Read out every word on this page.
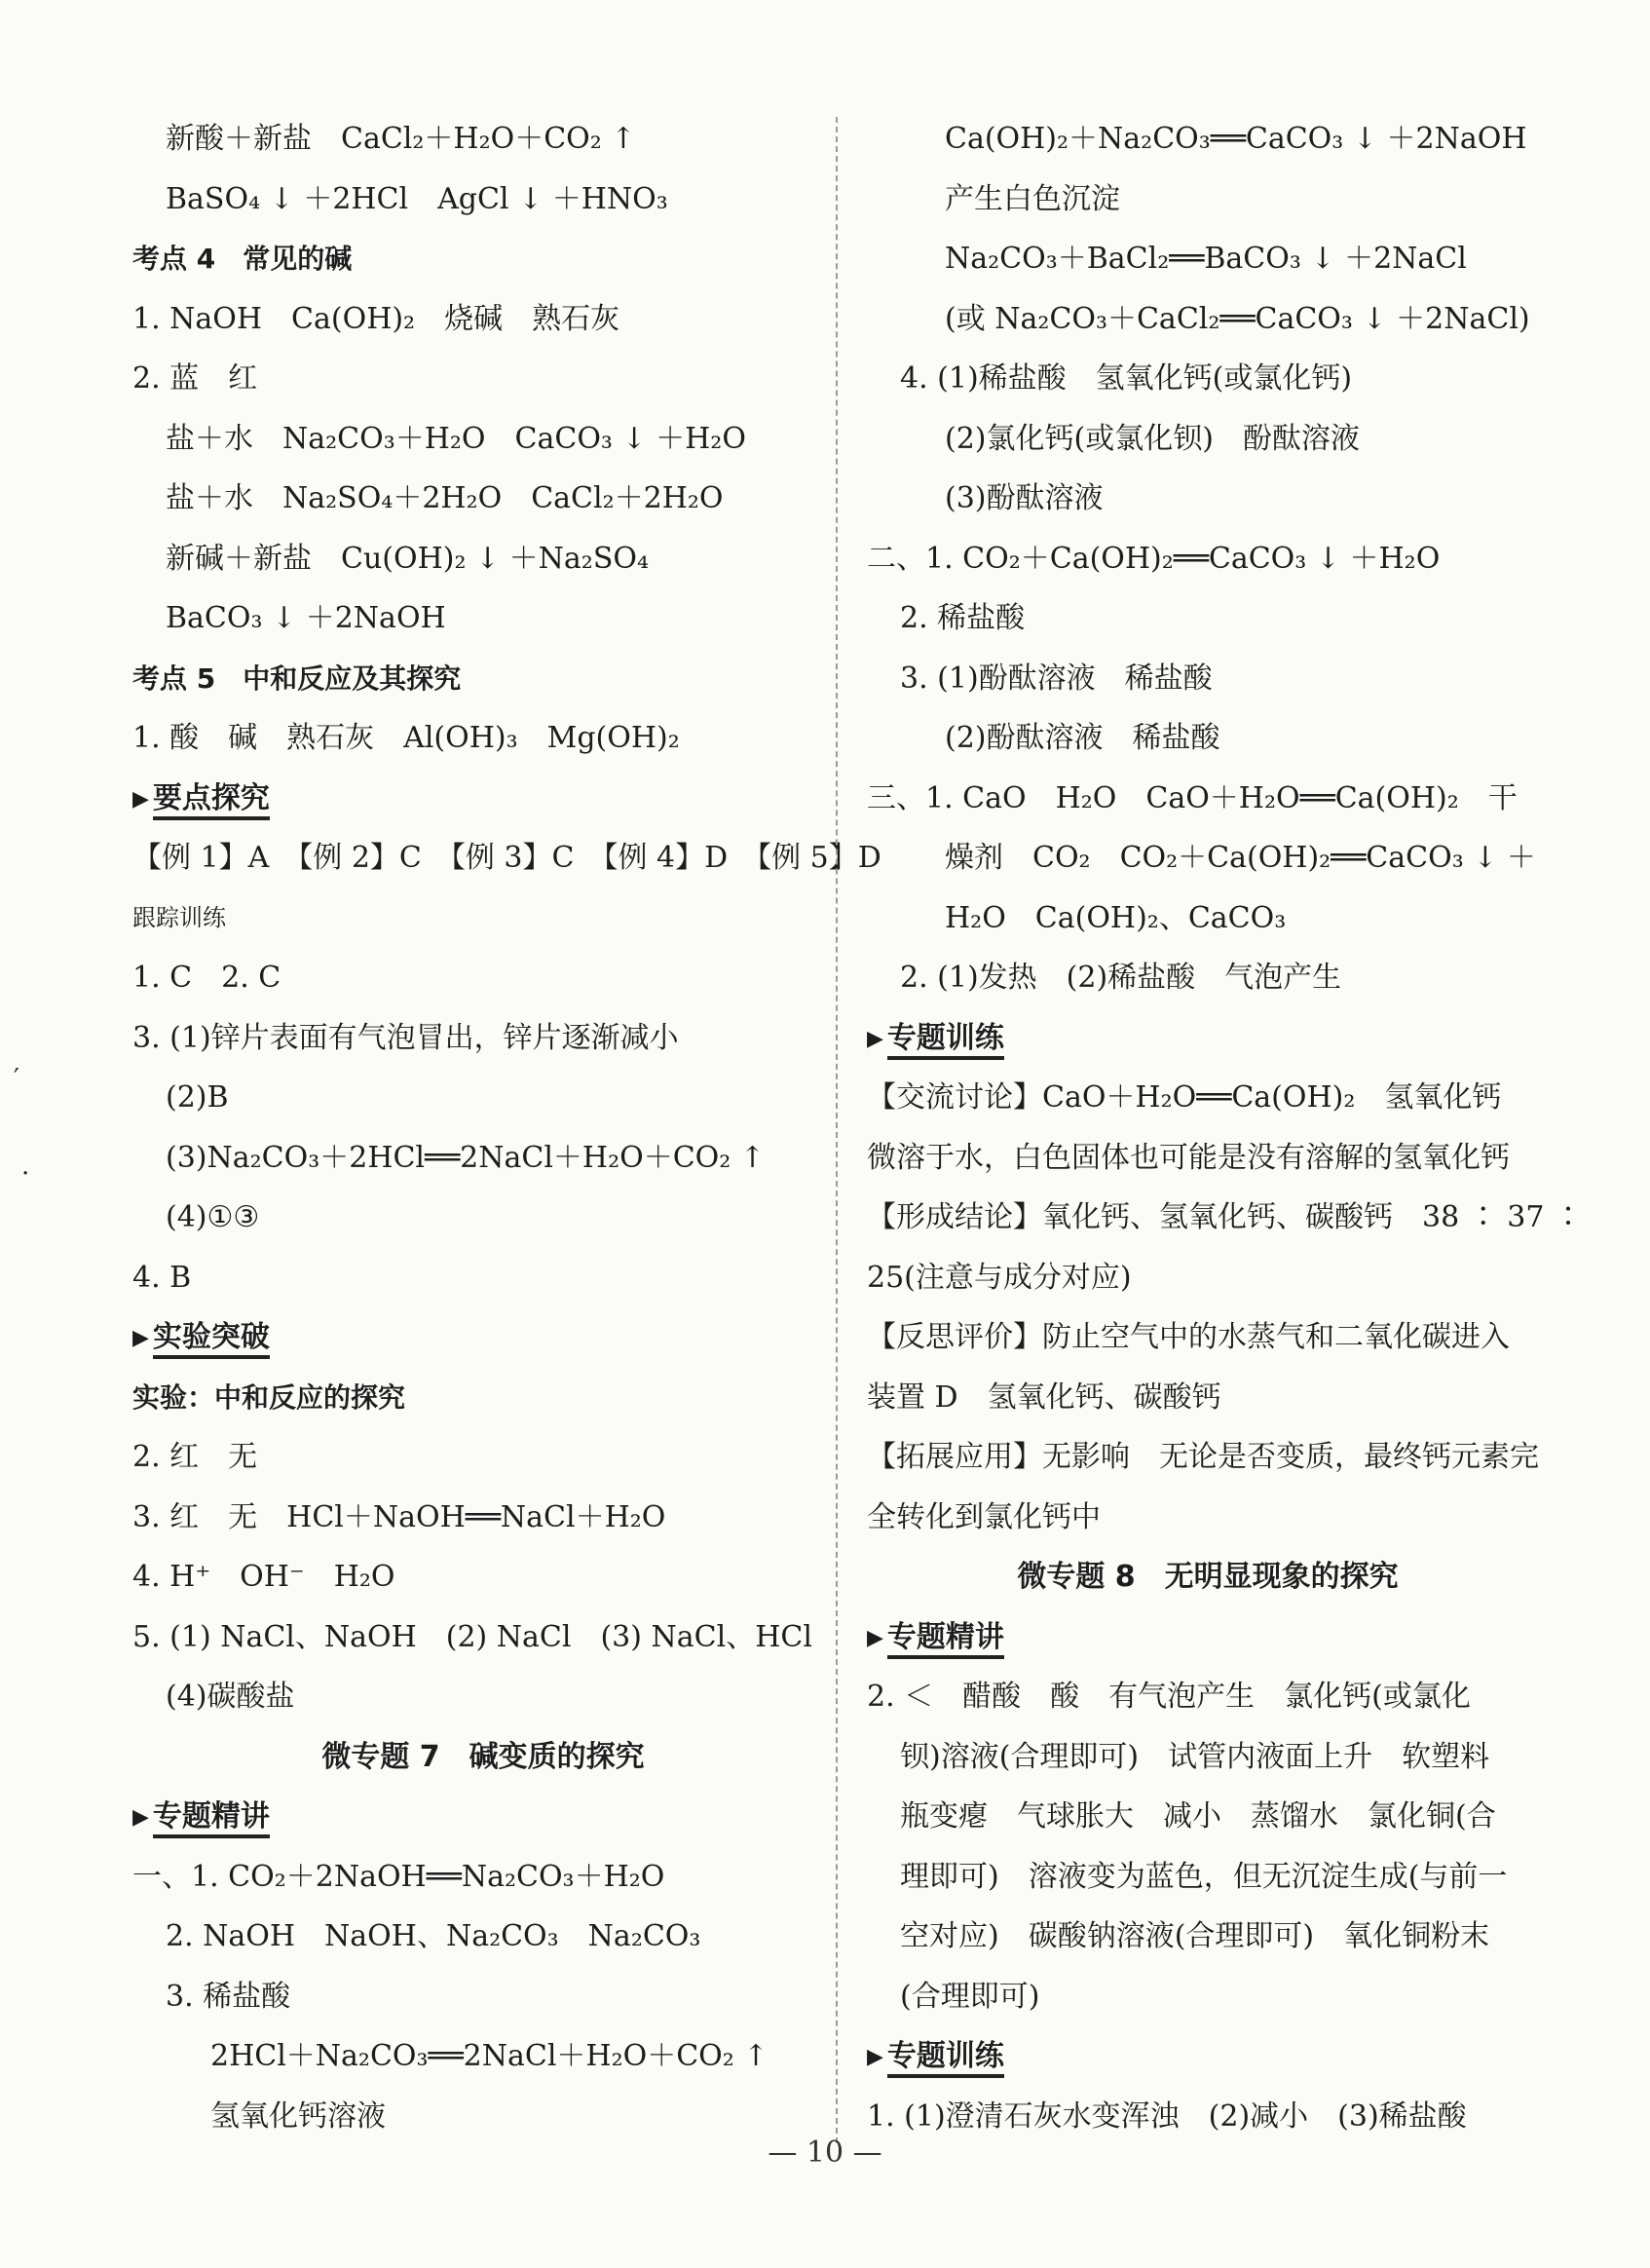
新酸＋新盐　CaCl₂＋H₂O＋CO₂ ↑
BaSO₄ ↓ ＋2HCl　AgCl ↓ ＋HNO₃
考点 4　常见的碱
1. NaOH　Ca(OH)₂　烧碱　熟石灰
2. 蓝　红
盐＋水　Na₂CO₃＋H₂O　CaCO₃ ↓ ＋H₂O
盐＋水　Na₂SO₄＋2H₂O　CaCl₂＋2H₂O
新碱＋新盐　Cu(OH)₂ ↓ ＋Na₂SO₄
BaCO₃ ↓ ＋2NaOH
考点 5　中和反应及其探究
1. 酸　碱　熟石灰　Al(OH)₃　Mg(OH)₂
▶ 要点探究
【例 1】A　【例 2】C　【例 3】C　【例 4】D　【例 5】D
跟踪训练
1. C　2. C
3. (1)锌片表面有气泡冒出，锌片逐渐减小
(2)B
(3)Na₂CO₃＋2HCl══2NaCl＋H₂O＋CO₂ ↑
(4)①③
4. B
▶ 实验突破
实验：中和反应的探究
2. 红　无
3. 红　无　HCl＋NaOH══NaCl＋H₂O
4. H⁺　OH⁻　H₂O
5. (1) NaCl、NaOH　(2) NaCl　(3) NaCl、HCl
(4)碳酸盐
微专题 7　碱变质的探究
▶ 专题精讲
一、1. CO₂＋2NaOH══Na₂CO₃＋H₂O
2. NaOH　NaOH、Na₂CO₃　Na₂CO₃
3. 稀盐酸
2HCl＋Na₂CO₃══2NaCl＋H₂O＋CO₂ ↑
氢氧化钙溶液
Ca(OH)₂＋Na₂CO₃══CaCO₃ ↓ ＋2NaOH
产生白色沉淀
Na₂CO₃＋BaCl₂══BaCO₃ ↓ ＋2NaCl
(或 Na₂CO₃＋CaCl₂══CaCO₃ ↓ ＋2NaCl)
4. (1)稀盐酸　氢氧化钙(或氯化钙)
(2)氯化钙(或氯化钡)　酚酞溶液
(3)酚酞溶液
二、1. CO₂＋Ca(OH)₂══CaCO₃ ↓ ＋H₂O
2. 稀盐酸
3. (1)酚酞溶液　稀盐酸
(2)酚酞溶液　稀盐酸
三、1. CaO　H₂O　CaO＋H₂O══Ca(OH)₂　干
燥剂　CO₂　CO₂＋Ca(OH)₂══CaCO₃ ↓ ＋
H₂O　Ca(OH)₂、CaCO₃
2. (1)发热　(2)稀盐酸　气泡产生
▶ 专题训练
【交流讨论】CaO＋H₂O══Ca(OH)₂　氢氧化钙
微溶于水，白色固体也可能是没有溶解的氢氧化钙
【形成结论】氧化钙、氢氧化钙、碳酸钙　38 ∶ 37 ∶
25(注意与成分对应)
【反思评价】防止空气中的水蒸气和二氧化碳进入
装置 D　氢氧化钙、碳酸钙
【拓展应用】无影响　无论是否变质，最终钙元素完
全转化到氯化钙中
微专题 8　无明显现象的探究
▶ 专题精讲
2. ＜　醋酸　酸　有气泡产生　氯化钙(或氯化
钡)溶液(合理即可)　试管内液面上升　软塑料
瓶变瘪　气球胀大　减小　蒸馏水　氯化铜(合
理即可)　溶液变为蓝色，但无沉淀生成(与前一
空对应)　碳酸钠溶液(合理即可)　氧化铜粉末
(合理即可)
▶ 专题训练
1. (1)澄清石灰水变浑浊　(2)减小　(3)稀盐酸
′
·
— 10 —
